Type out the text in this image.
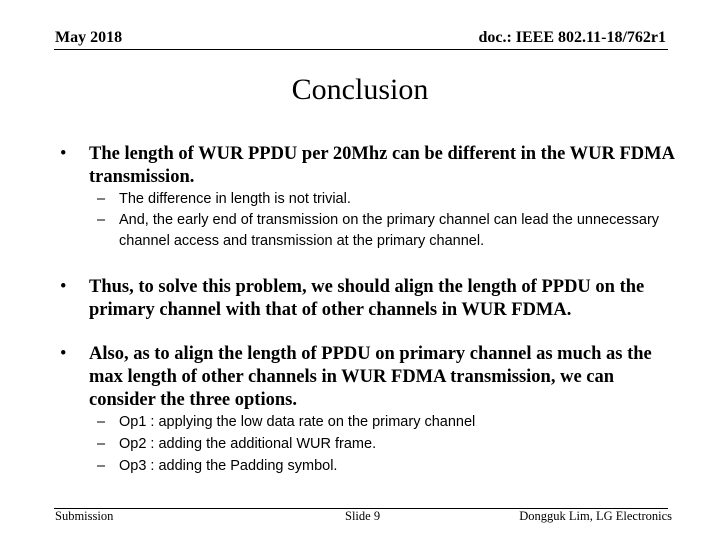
May 2018	doc.: IEEE 802.11-18/762r1
Conclusion
• The length of WUR PPDU per 20Mhz can be different in the WUR FDMA transmission.
– The difference in length is not trivial.
– And, the early end of transmission on the primary channel can lead the unnecessary channel access and transmission at the primary channel.
• Thus, to solve this problem, we should align the length of PPDU on the primary channel with that of other channels in WUR FDMA.
• Also, as to align the length of PPDU on primary channel as much as the max length of other channels in WUR FDMA transmission, we can consider the three options.
– Op1 : applying the low data rate on the primary channel
– Op2 : adding the additional WUR frame.
– Op3 : adding the Padding symbol.
Submission	Slide 9	Dongguk Lim, LG Electronics
